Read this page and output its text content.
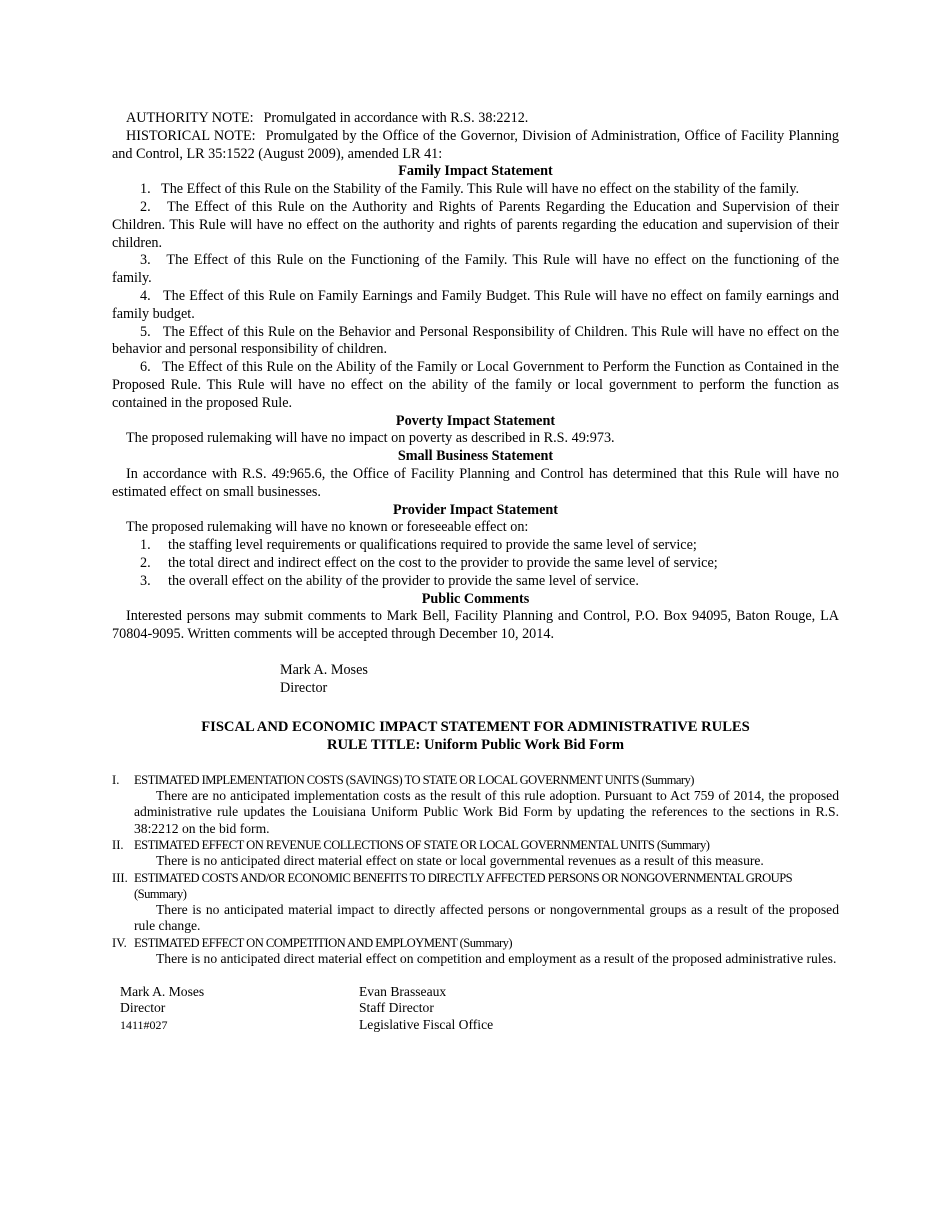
AUTHORITY NOTE: Promulgated in accordance with R.S. 38:2212.

HISTORICAL NOTE: Promulgated by the Office of the Governor, Division of Administration, Office of Facility Planning and Control, LR 35:1522 (August 2009), amended LR 41:

Family Impact Statement

1. The Effect of this Rule on the Stability of the Family. This Rule will have no effect on the stability of the family.

2. The Effect of this Rule on the Authority and Rights of Parents Regarding the Education and Supervision of their Children. This Rule will have no effect on the authority and rights of parents regarding the education and supervision of their children.

3. The Effect of this Rule on the Functioning of the Family. This Rule will have no effect on the functioning of the family.

4. The Effect of this Rule on Family Earnings and Family Budget. This Rule will have no effect on family earnings and family budget.

5. The Effect of this Rule on the Behavior and Personal Responsibility of Children. This Rule will have no effect on the behavior and personal responsibility of children.

6. The Effect of this Rule on the Ability of the Family or Local Government to Perform the Function as Contained in the Proposed Rule. This Rule will have no effect on the ability of the family or local government to perform the function as contained in the proposed Rule.

Poverty Impact Statement

The proposed rulemaking will have no impact on poverty as described in R.S. 49:973.

Small Business Statement

In accordance with R.S. 49:965.6, the Office of Facility Planning and Control has determined that this Rule will have no estimated effect on small businesses.

Provider Impact Statement

The proposed rulemaking will have no known or foreseeable effect on:

1. the staffing level requirements or qualifications required to provide the same level of service;
2. the total direct and indirect effect on the cost to the provider to provide the same level of service;
3. the overall effect on the ability of the provider to provide the same level of service.
Public Comments

Interested persons may submit comments to Mark Bell, Facility Planning and Control, P.O. Box 94095, Baton Rouge, LA 70804-9095. Written comments will be accepted through December 10, 2014.

Mark A. Moses
Director
FISCAL AND ECONOMIC IMPACT STATEMENT FOR ADMINISTRATIVE RULES
RULE TITLE: Uniform Public Work Bid Form
I. ESTIMATED IMPLEMENTATION COSTS (SAVINGS) TO STATE OR LOCAL GOVERNMENT UNITS (Summary)

There are no anticipated implementation costs as the result of this rule adoption. Pursuant to Act 759 of 2014, the proposed administrative rule updates the Louisiana Uniform Public Work Bid Form by updating the references to the sections in R.S. 38:2212 on the bid form.

II. ESTIMATED EFFECT ON REVENUE COLLECTIONS OF STATE OR LOCAL GOVERNMENTAL UNITS (Summary)

There is no anticipated direct material effect on state or local governmental revenues as a result of this measure.

III. ESTIMATED COSTS AND/OR ECONOMIC BENEFITS TO DIRECTLY AFFECTED PERSONS OR NONGOVERNMENTAL GROUPS (Summary)

There is no anticipated material impact to directly affected persons or nongovernmental groups as a result of the proposed rule change.

IV. ESTIMATED EFFECT ON COMPETITION AND EMPLOYMENT (Summary)

There is no anticipated direct material effect on competition and employment as a result of the proposed administrative rules.

Mark A. Moses
Director
1411#027
Evan Brasseaux
Staff Director
Legislative Fiscal Office
